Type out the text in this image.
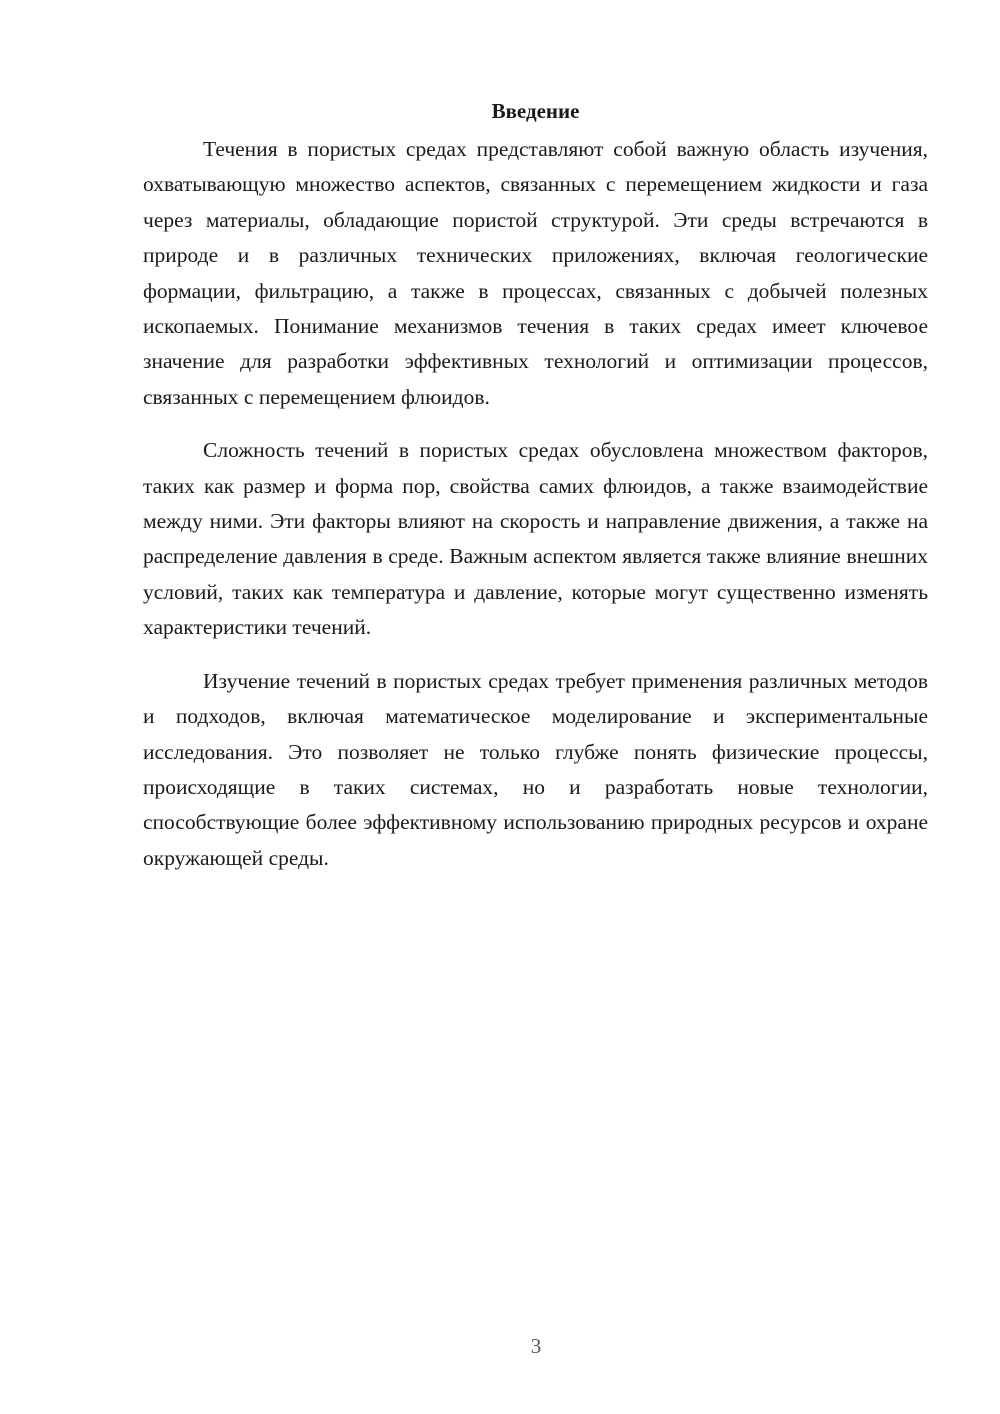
Введение

Течения в пористых средах представляют собой важную область изучения, охватывающую множество аспектов, связанных с перемещением жидкости и газа через материалы, обладающие пористой структурой. Эти среды встречаются в природе и в различных технических приложениях, включая геологические формации, фильтрацию, а также в процессах, связанных с добычей полезных ископаемых. Понимание механизмов течения в таких средах имеет ключевое значение для разработки эффективных технологий и оптимизации процессов, связанных с перемещением флюидов.

Сложность течений в пористых средах обусловлена множеством факторов, таких как размер и форма пор, свойства самих флюидов, а также взаимодействие между ними. Эти факторы влияют на скорость и направление движения, а также на распределение давления в среде. Важным аспектом является также влияние внешних условий, таких как температура и давление, которые могут существенно изменять характеристики течений.

Изучение течений в пористых средах требует применения различных методов и подходов, включая математическое моделирование и экспериментальные исследования. Это позволяет не только глубже понять физические процессы, происходящие в таких системах, но и разработать новые технологии, способствующие более эффективному использованию природных ресурсов и охране окружающей среды.

3
